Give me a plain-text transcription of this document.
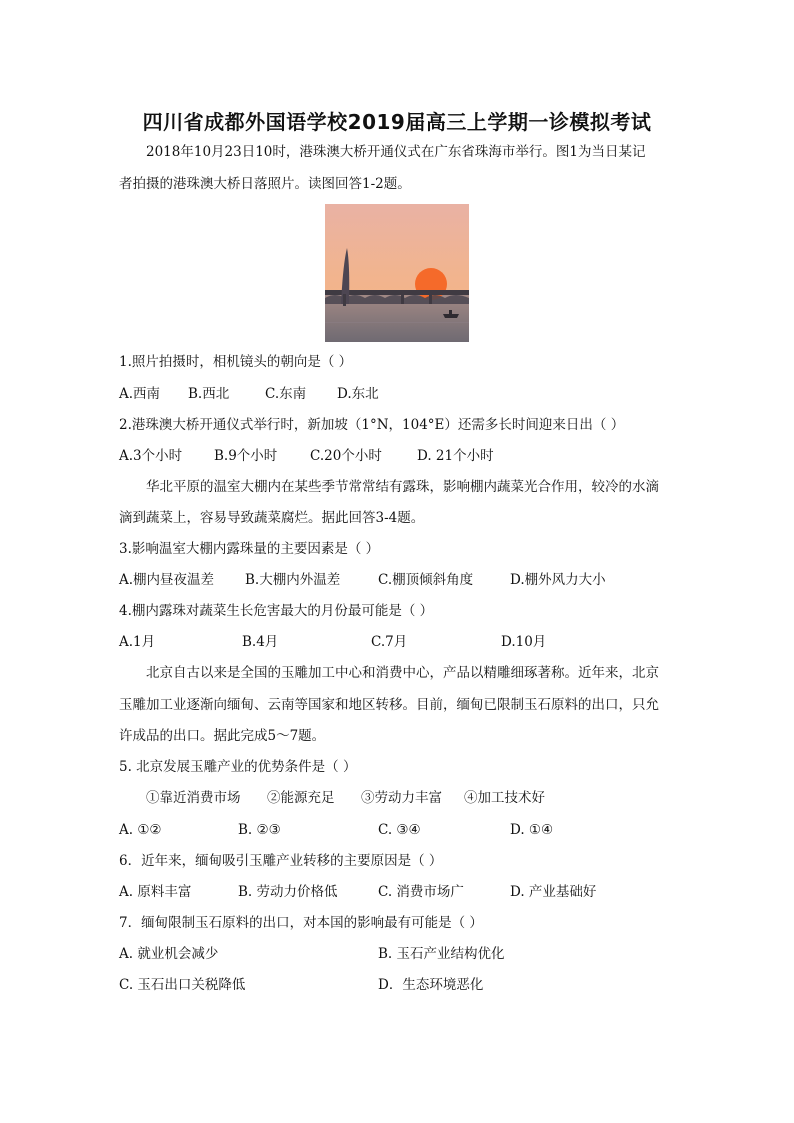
四川省成都外国语学校2019届高三上学期一诊模拟考试
2018年10月23日10时，港珠澳大桥开通仪式在广东省珠海市举行。图1为当日某记
者拍摄的港珠澳大桥日落照片。读图回答1-2题。
1.照片拍摄时，相机镜头的朝向是（ ）
A.西南 B.西北	C.东南 D.东北
2.港珠澳大桥开通仪式举行时，新加坡（1°N，104°E）还需多长时间迎来日出（ ）
A.3个小时 B.9个小时 C.20个小时	D. 21个小时
华北平原的温室大棚内在某些季节常常结有露珠，影响棚内蔬菜光合作用，较冷的水滴
滴到蔬菜上，容易导致蔬菜腐烂。据此回答3-4题。
3.影响温室大棚内露珠量的主要因素是（ ）
A.棚内昼夜温差 B.大棚内外温差	C.棚顶倾斜角度	D.棚外风力大小
4.棚内露珠对蔬菜生长危害最大的月份最可能是（ ）
A.1月	B.4月	C.7月	D.10月
北京自古以来是全国的玉雕加工中心和消费中心，产品以精雕细琢著称。近年来，北京
玉雕加工业逐渐向缅甸、云南等国家和地区转移。目前，缅甸已限制玉石原料的出口，只允
许成品的出口。据此完成5～7题。
5. 北京发展玉雕产业的优势条件是（ ）
①靠近消费市场 ②能源充足 ③劳动力丰富 ④加工技术好
A. ①②	B. ②③	C. ③④	D. ①④
6．近年来，缅甸吸引玉雕产业转移的主要原因是（ ）
A. 原料丰富	B. 劳动力价格低	C. 消费市场广	D. 产业基础好
7．缅甸限制玉石原料的出口，对本国的影响最有可能是（ ）
A. 就业机会减少	B. 玉石产业结构优化
C. 玉石出口关税降低	D．生态环境恶化
